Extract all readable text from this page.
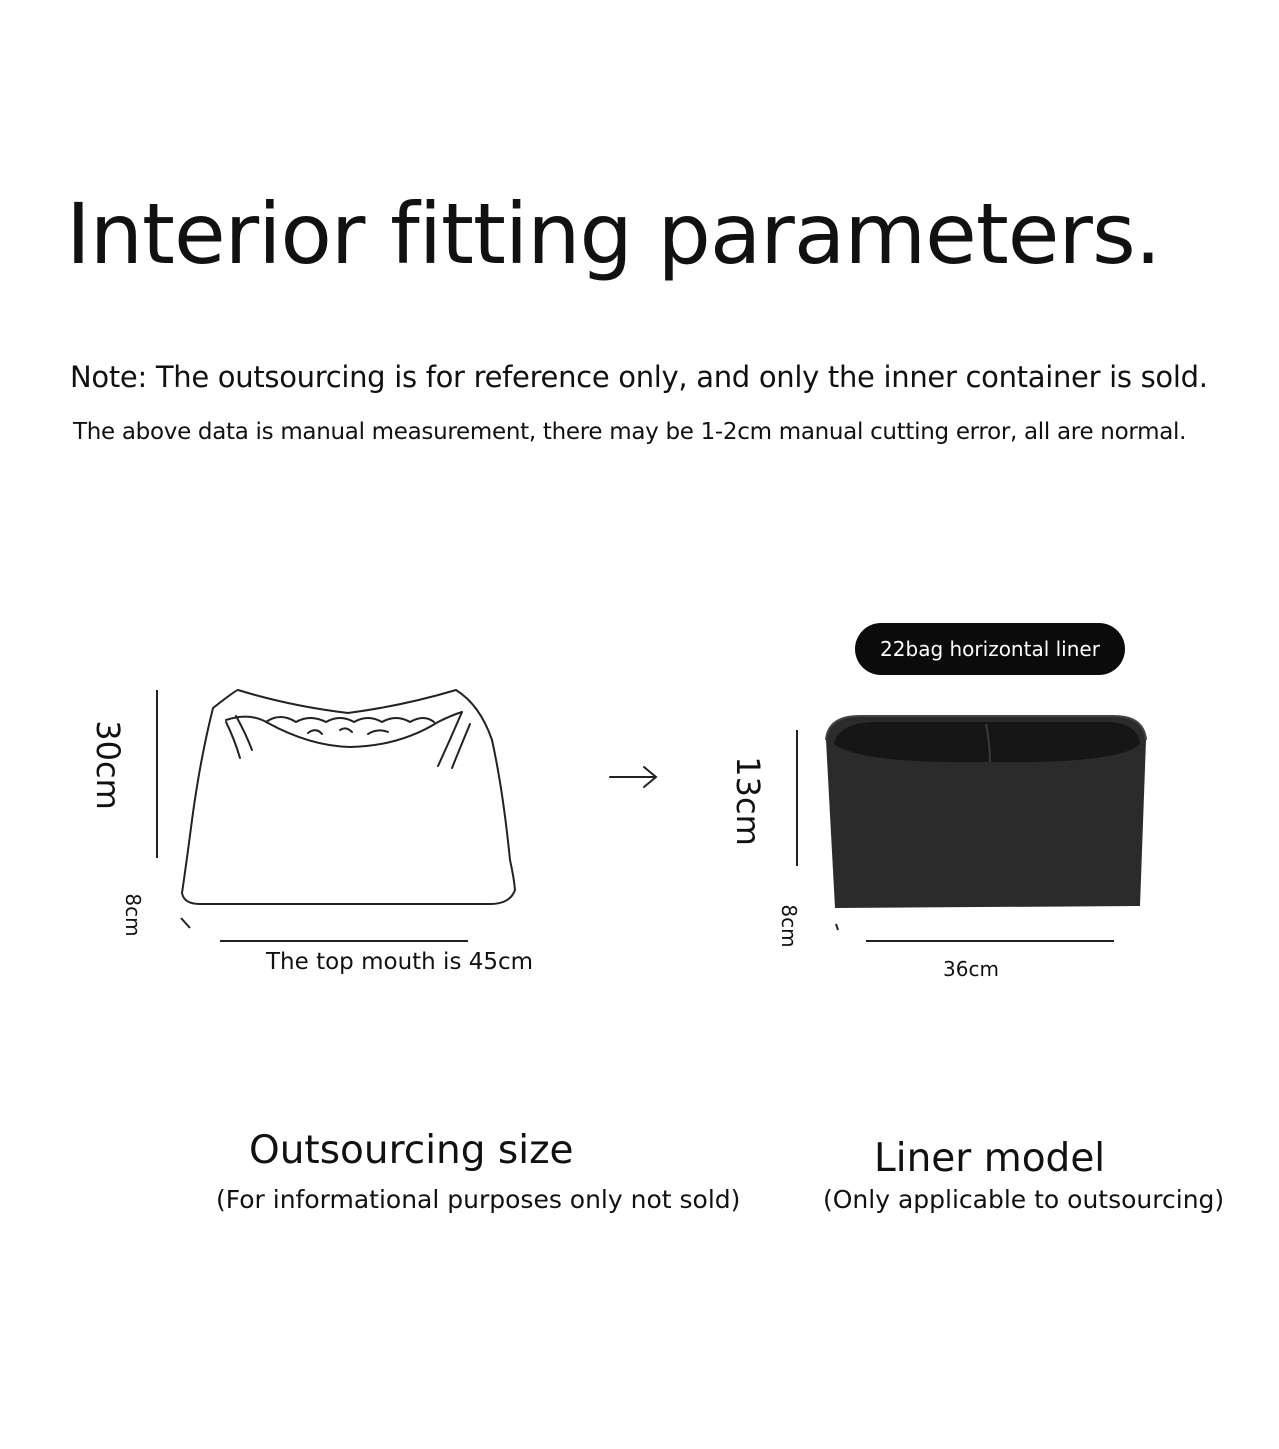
Interior fitting parameters.
Note: The outsourcing is for reference only, and only the inner container is sold.
The above data is manual measurement, there may be 1-2cm manual cutting error, all are normal.
30cm
8cm
The top mouth is 45cm
22bag horizontal liner
13cm
8cm
36cm
Outsourcing size
(For informational purposes only not sold)
Liner model
(Only applicable to outsourcing)
